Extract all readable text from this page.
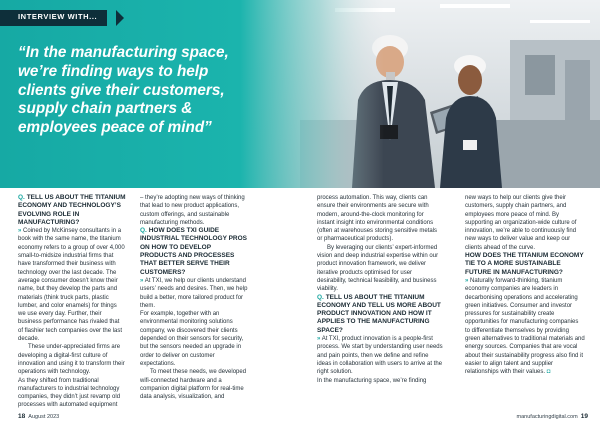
INTERVIEW WITH...
“In the manufacturing space, we’re finding ways to help clients give their customers, supply chain partners & employees peace of mind”

Q. TELL US ABOUT THE TITANIUM ECONOMY AND TECHNOLOGY’S EVOLVING ROLE IN MANUFACTURING?

» Coined by McKinsey consultants in a book with the same name, the titanium economy refers to a group of over 4,000 small-to-midsize industrial firms that have transformed their business with technology over the last decade. The average consumer doesn’t know their name, but they develop the parts and materials (think truck parts, plastic lumber, and color enamels) for things we use every day. Further, their business performance has rivaled that of flashier tech companies over the last decade.

These under-appreciated firms are developing a digital-first culture of innovation and using it to transform their operations with technology.

As they shifted from traditional manufacturers to industrial technology companies, they didn’t just revamp old processes with automated equipment

– they’re adopting new ways of thinking that lead to new product applications, custom offerings, and sustainable manufacturing methods.

Q. HOW DOES TXI GUIDE INDUSTRIAL TECHNOLOGY PROS ON HOW TO DEVELOP PRODUCTS AND PROCESSES THAT BETTER SERVE THEIR CUSTOMERS?

» At TXI, we help our clients understand users’ needs and desires. Then, we help build a better, more tailored product for them.

For example, together with an environmental monitoring solutions company, we discovered their clients depended on their sensors for security, but the sensors needed an upgrade in order to deliver on customer expectations.

To meet these needs, we developed wifi-connected hardware and a companion digital platform for real-time data analysis, visualization, and

process automation. This way, clients can ensure their environments are secure with modern, around-the-clock monitoring for instant insight into environmental conditions (often at warehouses storing sensitive metals or pharmaceutical products).

By leveraging our clients’ expert-informed vision and deep industrial expertise within our product innovation framework, we deliver iterative products optimised for user desirability, technical feasibility, and business viability.

Q. TELL US ABOUT THE TITANIUM ECONOMY AND TELL US MORE ABOUT PRODUCT INNOVATION AND HOW IT APPLIES TO THE MANUFACTURING SPACE?

» At TXI, product innovation is a people-first process. We start by understanding user needs and pain points, then we define and refine ideas in collaboration with users to arrive at the right solution.

In the manufacturing space, we’re finding

new ways to help our clients give their customers, supply chain partners, and employees more peace of mind. By supporting an organization-wide culture of innovation, we’re able to continuously find new ways to deliver value and keep our clients ahead of the curve.

HOW DOES THE TITANIUM ECONOMY TIE TO A MORE SUSTAINABLE FUTURE IN MANUFACTURING?

» Naturally forward-thinking, titanium economy companies are leaders in decarbonising operations and accelerating green initiatives. Consumer and investor pressures for sustainability create opportunities for manufacturing companies to differentiate themselves by providing green alternatives to traditional materials and energy sources. Companies that are vocal about their sustainability progress also find it easier to align talent and supplier relationships with their values. ◘

18 August 2023	manufacturingdigital.com 19
